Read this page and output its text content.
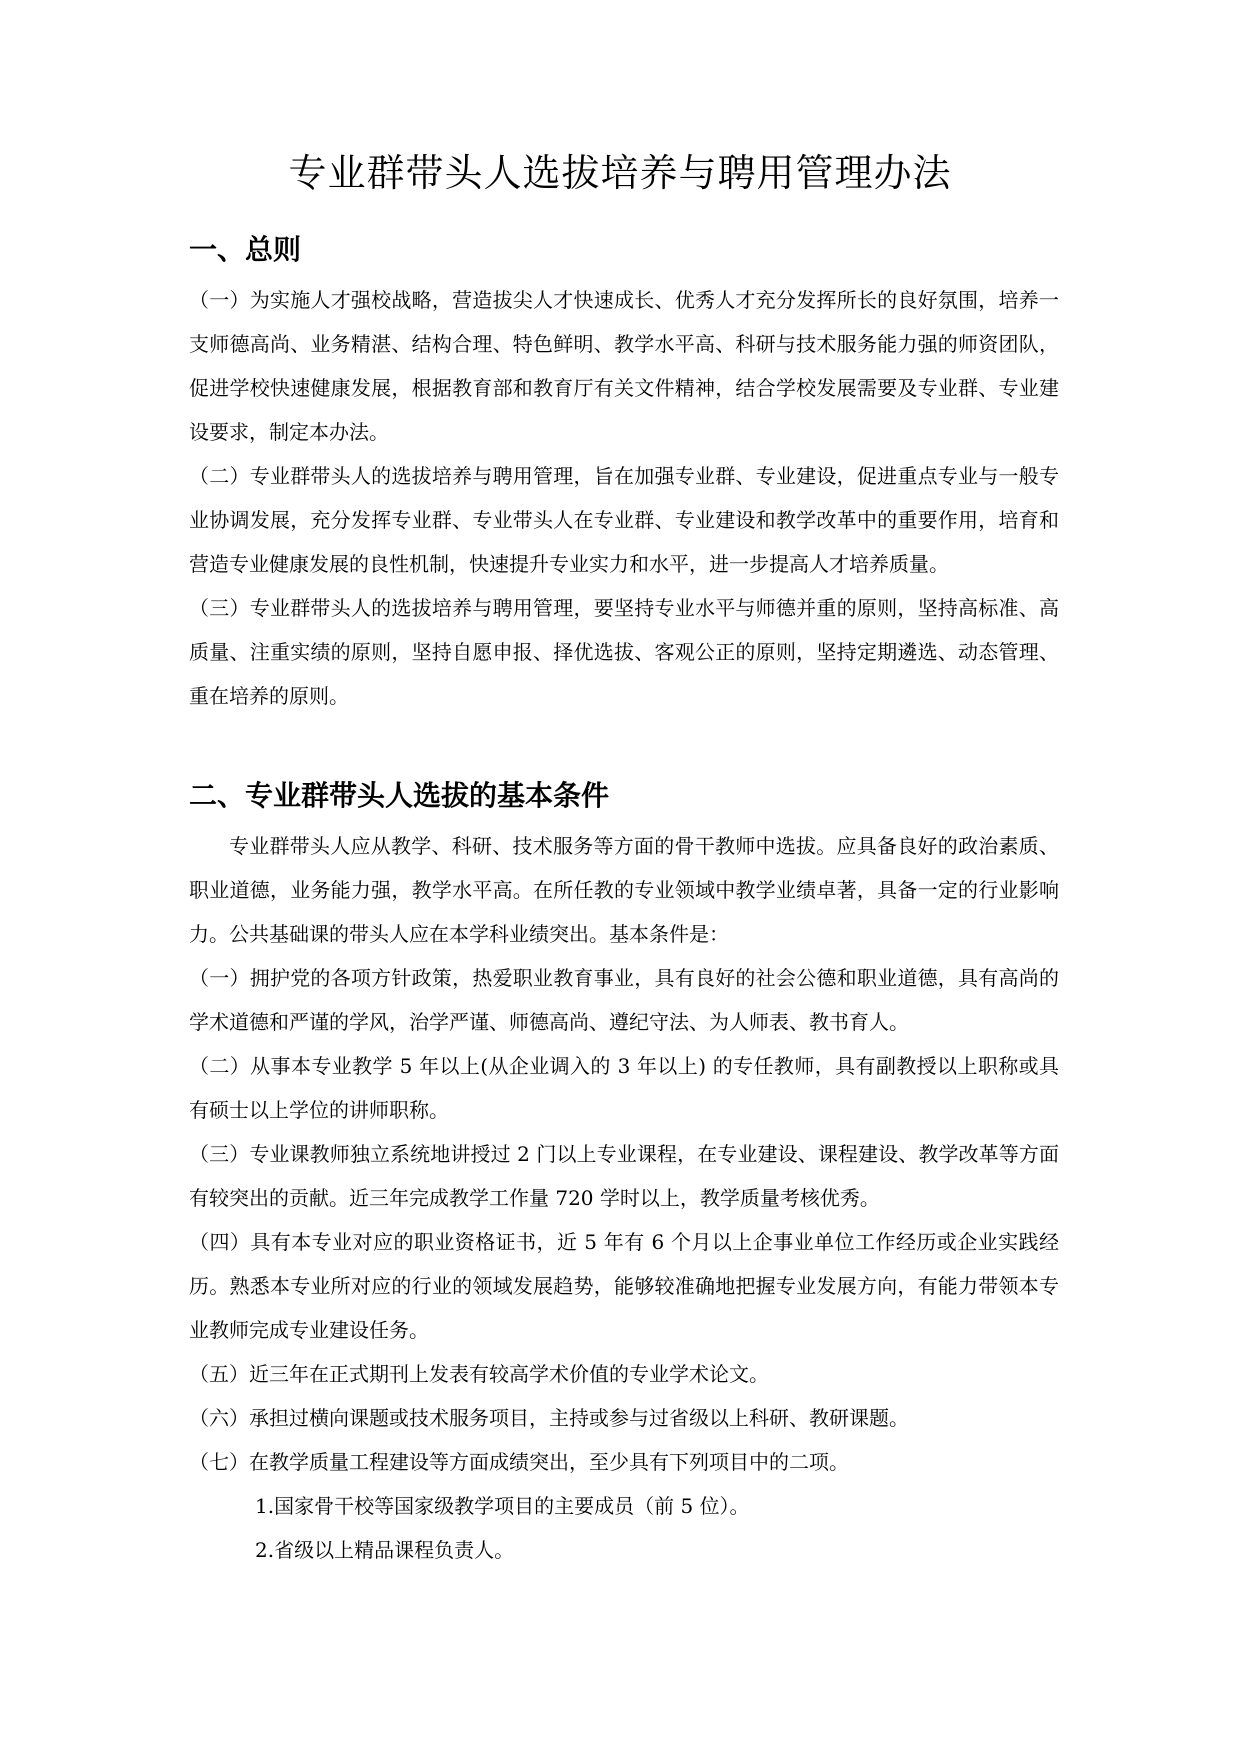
专业群带头人选拔培养与聘用管理办法
一、总则

（一）为实施人才强校战略，营造拔尖人才快速成长、优秀人才充分发挥所长的良好氛围，培养一支师德高尚、业务精湛、结构合理、特色鲜明、教学水平高、科研与技术服务能力强的师资团队，促进学校快速健康发展，根据教育部和教育厅有关文件精神，结合学校发展需要及专业群、专业建设要求，制定本办法。

（二）专业群带头人的选拔培养与聘用管理，旨在加强专业群、专业建设，促进重点专业与一般专业协调发展，充分发挥专业群、专业带头人在专业群、专业建设和教学改革中的重要作用，培育和营造专业健康发展的良性机制，快速提升专业实力和水平，进一步提高人才培养质量。

（三）专业群带头人的选拔培养与聘用管理，要坚持专业水平与师德并重的原则，坚持高标准、高质量、注重实绩的原则，坚持自愿申报、择优选拔、客观公正的原则，坚持定期遴选、动态管理、重在培养的原则。

二、专业群带头人选拔的基本条件

专业群带头人应从教学、科研、技术服务等方面的骨干教师中选拔。应具备良好的政治素质、职业道德，业务能力强，教学水平高。在所任教的专业领域中教学业绩卓著，具备一定的行业影响力。公共基础课的带头人应在本学科业绩突出。基本条件是：

（一）拥护党的各项方针政策，热爱职业教育事业，具有良好的社会公德和职业道德，具有高尚的学术道德和严谨的学风，治学严谨、师德高尚、遵纪守法、为人师表、教书育人。

（二）从事本专业教学 5 年以上(从企业调入的 3 年以上) 的专任教师，具有副教授以上职称或具有硕士以上学位的讲师职称。

（三）专业课教师独立系统地讲授过 2 门以上专业课程，在专业建设、课程建设、教学改革等方面有较突出的贡献。近三年完成教学工作量 720 学时以上，教学质量考核优秀。

（四）具有本专业对应的职业资格证书，近 5 年有 6 个月以上企事业单位工作经历或企业实践经历。熟悉本专业所对应的行业的领域发展趋势，能够较准确地把握专业发展方向，有能力带领本专业教师完成专业建设任务。

（五）近三年在正式期刊上发表有较高学术价值的专业学术论文。

（六）承担过横向课题或技术服务项目，主持或参与过省级以上科研、教研课题。

（七）在教学质量工程建设等方面成绩突出，至少具有下列项目中的二项。

1.国家骨干校等国家级教学项目的主要成员（前 5 位）。

2.省级以上精品课程负责人。
